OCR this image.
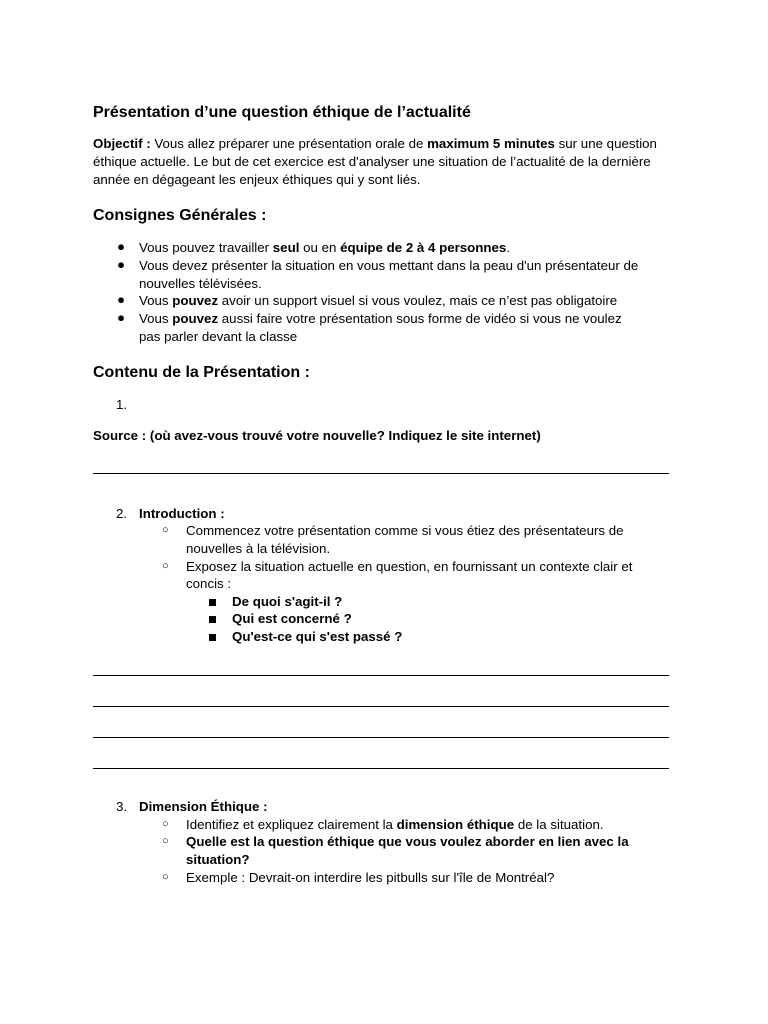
Présentation d’une question éthique de l’actualité
Objectif : Vous allez préparer une présentation orale de maximum 5 minutes sur une question éthique actuelle. Le but de cet exercice est d'analyser une situation de l’actualité de la dernière année en dégageant les enjeux éthiques qui y sont liés.
Consignes Générales :
● Vous pouvez travailler seul ou en équipe de 2 à 4 personnes.
● Vous devez présenter la situation en vous mettant dans la peau d'un présentateur de
nouvelles télévisées.
● Vous pouvez avoir un support visuel si vous voulez, mais ce n’est pas obligatoire
● Vous pouvez aussi faire votre présentation sous forme de vidéo si vous ne voulez
pas parler devant la classe
Contenu de la Présentation :
1.
Source : (où avez-vous trouvé votre nouvelle? Indiquez le site internet)
2. Introduction :
○ Commencez votre présentation comme si vous étiez des présentateurs de
nouvelles à la télévision.
○ Exposez la situation actuelle en question, en fournissant un contexte clair et
concis :
De quoi s'agit-il ?
Qui est concerné ?
Qu'est-ce qui s'est passé ?
3. Dimension Éthique :
○ Identifiez et expliquez clairement la dimension éthique de la situation.
○ Quelle est la question éthique que vous voulez aborder en lien avec la
situation?
○ Exemple : Devrait-on interdire les pitbulls sur l'île de Montréal?
